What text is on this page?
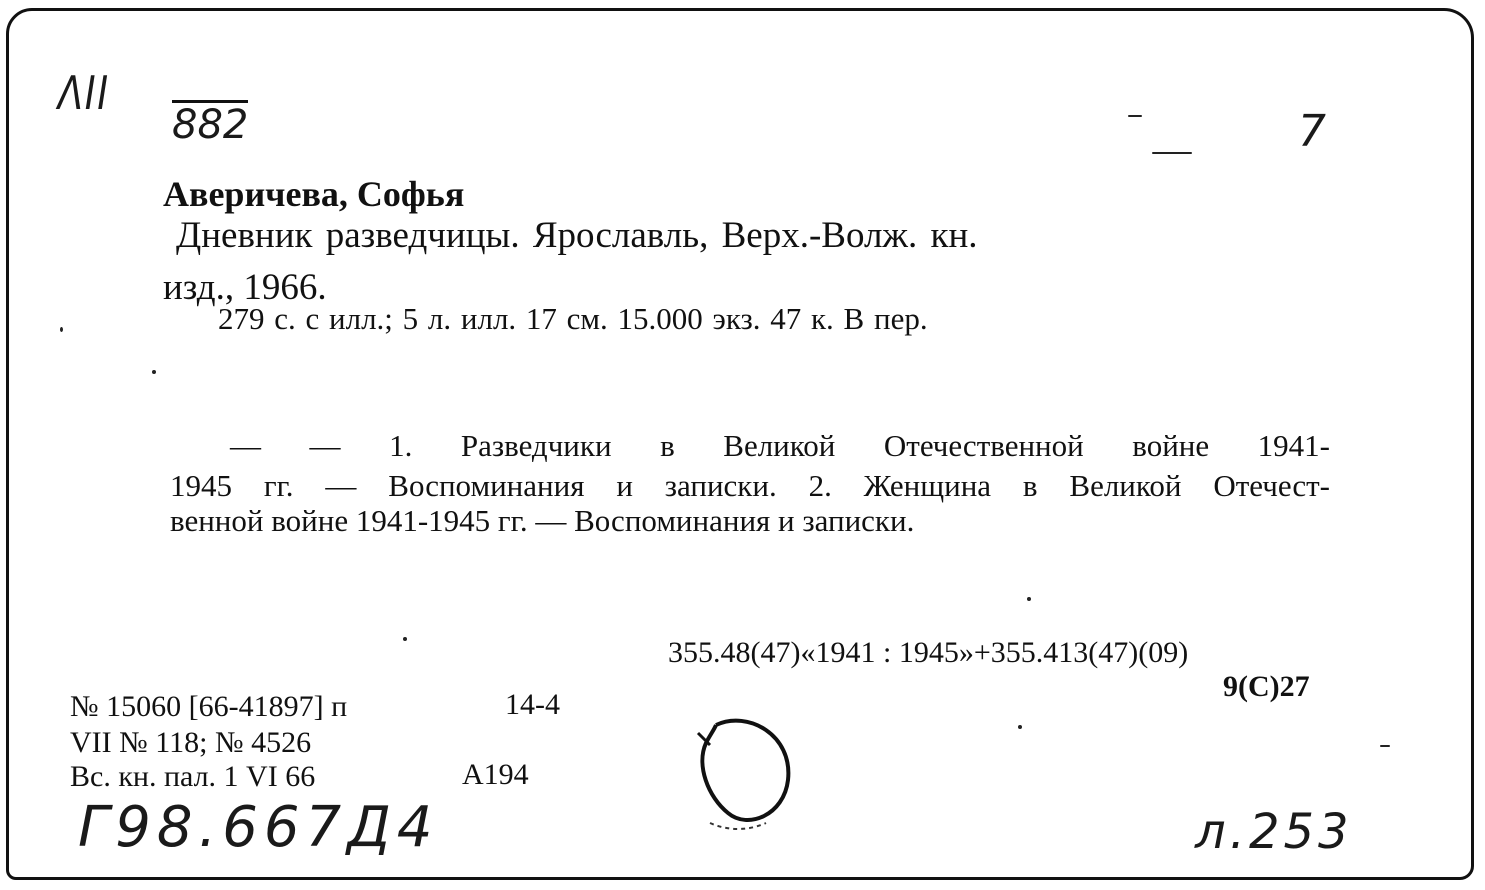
ΛΙΙ
882	7
Аверичева, Софья
Дневник разведчицы. Ярославль, Верх.-Волж. кн.
изд., 1966.
279 с. с илл.; 5 л. илл. 17 см. 15.000 экз. 47 к. В пер.
— — 1. Разведчики в Великой Отечественной войне 1941-
1945 гг. — Воспоминания и записки. 2. Женщина в Великой Отечест-
венной войне 1941-1945 гг. — Воспоминания и записки.
355.48(47)«1941 : 1945»+355.413(47)(09)
9(С)27
№ 15060 [66-41897] п	14-4
VII № 118; № 4526
Вс. кн. пал. 1 VI 66	А194
Г98.667Д4	л.253
